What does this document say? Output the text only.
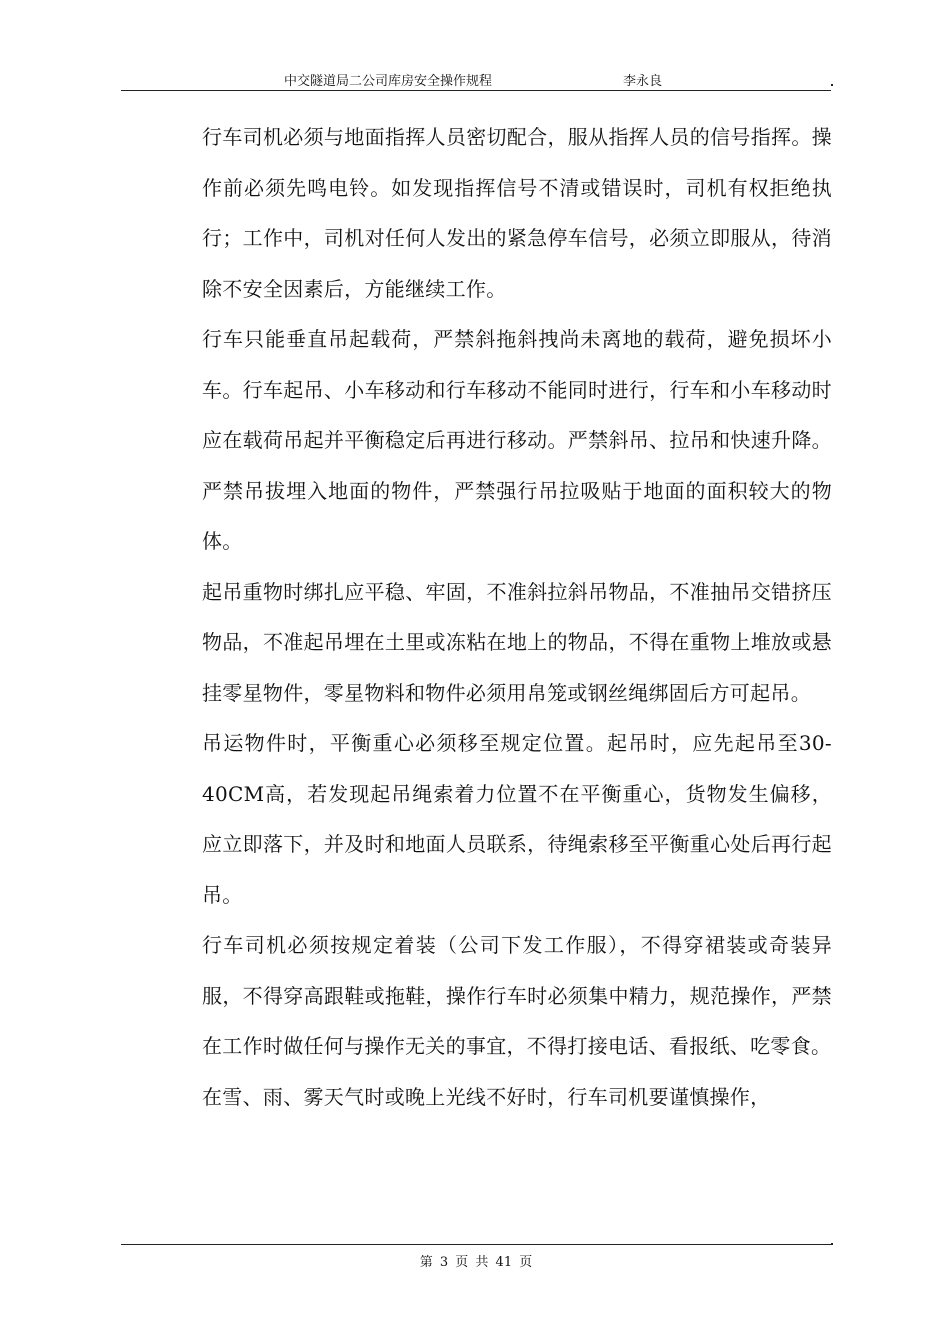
中交隧道局二公司库房安全操作规程	李永良

行车司机必须与地面指挥人员密切配合，服从指挥人员的信号指挥。操作前必须先鸣电铃。如发现指挥信号不清或错误时，司机有权拒绝执行；工作中，司机对任何人发出的紧急停车信号，必须立即服从，待消除不安全因素后，方能继续工作。

行车只能垂直吊起载荷，严禁斜拖斜拽尚未离地的载荷，避免损坏小车。行车起吊、小车移动和行车移动不能同时进行，行车和小车移动时应在载荷吊起并平衡稳定后再进行移动。严禁斜吊、拉吊和快速升降。严禁吊拔埋入地面的物件，严禁强行吊拉吸贴于地面的面积较大的物体。

起吊重物时绑扎应平稳、牢固，不准斜拉斜吊物品，不准抽吊交错挤压物品，不准起吊埋在土里或冻粘在地上的物品，不得在重物上堆放或悬挂零星物件，零星物料和物件必须用帛笼或钢丝绳绑固后方可起吊。

吊运物件时，平衡重心必须移至规定位置。起吊时，应先起吊至30-40CM高，若发现起吊绳索着力位置不在平衡重心，货物发生偏移，应立即落下，并及时和地面人员联系，待绳索移至平衡重心处后再行起吊。

行车司机必须按规定着装（公司下发工作服），不得穿裙装或奇装异服，不得穿高跟鞋或拖鞋，操作行车时必须集中精力，规范操作，严禁在工作时做任何与操作无关的事宜，不得打接电话、看报纸、吃零食。

在雪、雨、雾天气时或晚上光线不好时，行车司机要谨慎操作，

第 3 页 共 41 页
